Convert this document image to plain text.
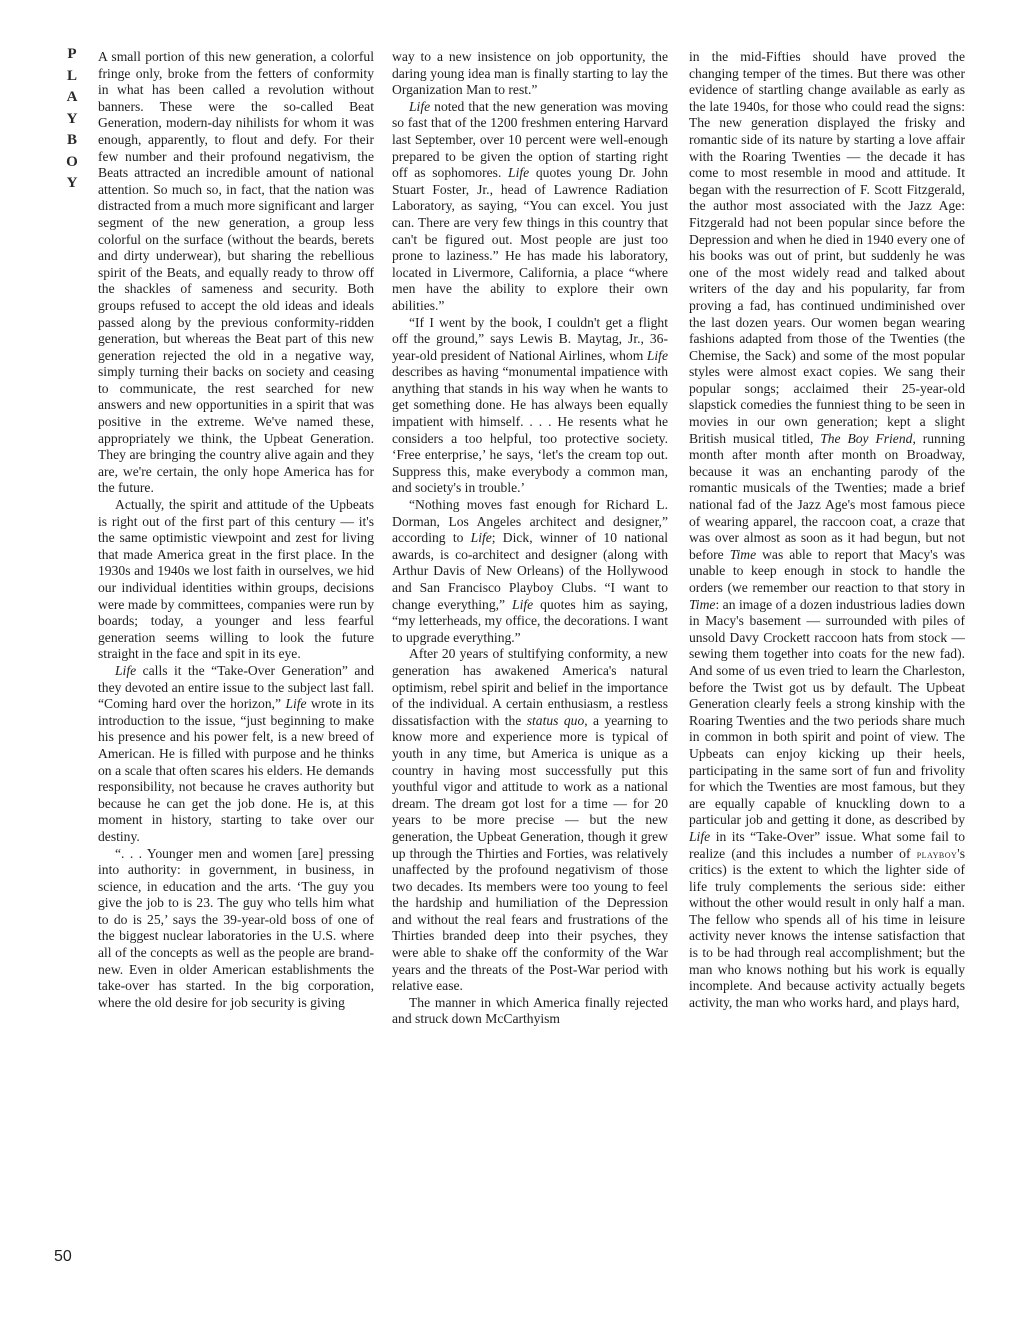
P
L
A
Y
B
O
Y

A small portion of this new generation, a colorful fringe only, broke from the fetters of conformity in what has been called a revolution without banners. These were the so-called Beat Generation, modern-day nihilists for whom it was enough, apparently, to flout and defy. For their few number and their profound negativism, the Beats attracted an incredible amount of national attention. So much so, in fact, that the nation was distracted from a much more significant and larger segment of the new generation, a group less colorful on the surface (without the beards, berets and dirty underwear), but sharing the rebellious spirit of the Beats, and equally ready to throw off the shackles of sameness and security. Both groups refused to accept the old ideas and ideals passed along by the previous conformity-ridden generation, but whereas the Beat part of this new generation rejected the old in a negative way, simply turning their backs on society and ceasing to communicate, the rest searched for new answers and new opportunities in a spirit that was positive in the extreme. We've named these, appropriately we think, the Upbeat Generation. They are bringing the country alive again and they are, we're certain, the only hope America has for the future.

Actually, the spirit and attitude of the Upbeats is right out of the first part of this century — it's the same optimistic viewpoint and zest for living that made America great in the first place. In the 1930s and 1940s we lost faith in ourselves, we hid our individual identities within groups, decisions were made by committees, companies were run by boards; today, a younger and less fearful generation seems willing to look the future straight in the face and spit in its eye.

Life calls it the “Take-Over Generation” and they devoted an entire issue to the subject last fall. “Coming hard over the horizon,” Life wrote in its introduction to the issue, “just beginning to make his presence and his power felt, is a new breed of American. He is filled with purpose and he thinks on a scale that often scares his elders. He demands responsibility, not because he craves authority but because he can get the job done. He is, at this moment in history, starting to take over our destiny.

“. . . Younger men and women [are] pressing into authority: in government, in business, in science, in education and the arts. ‘The guy you give the job to is 23. The guy who tells him what to do is 25,’ says the 39-year-old boss of one of the biggest nuclear laboratories in the U.S. where all of the concepts as well as the people are brand-new. Even in older American establishments the take-over has started. In the big corporation, where the old desire for job security is giving

way to a new insistence on job opportunity, the daring young idea man is finally starting to lay the Organization Man to rest.”

Life noted that the new generation was moving so fast that of the 1200 freshmen entering Harvard last September, over 10 percent were well-enough prepared to be given the option of starting right off as sophomores. Life quotes young Dr. John Stuart Foster, Jr., head of Lawrence Radiation Laboratory, as saying, “You can excel. You just can. There are very few things in this country that can't be figured out. Most people are just too prone to laziness.” He has made his laboratory, located in Livermore, California, a place “where men have the ability to explore their own abilities.”

“If I went by the book, I couldn't get a flight off the ground,” says Lewis B. Maytag, Jr., 36-year-old president of National Airlines, whom Life describes as having “monumental impatience with anything that stands in his way when he wants to get something done. He has always been equally impatient with himself. . . . He resents what he considers a too helpful, too protective society. ‘Free enterprise,’ he says, ‘let's the cream top out. Suppress this, make everybody a common man, and society's in trouble.’

“Nothing moves fast enough for Richard L. Dorman, Los Angeles architect and designer,” according to Life; Dick, winner of 10 national awards, is co-architect and designer (along with Arthur Davis of New Orleans) of the Hollywood and San Francisco Playboy Clubs. “I want to change everything,” Life quotes him as saying, “my letterheads, my office, the decorations. I want to upgrade everything.”

After 20 years of stultifying conformity, a new generation has awakened America's natural optimism, rebel spirit and belief in the importance of the individual. A certain enthusiasm, a restless dissatisfaction with the status quo, a yearning to know more and experience more is typical of youth in any time, but America is unique as a country in having most successfully put this youthful vigor and attitude to work as a national dream. The dream got lost for a time — for 20 years to be more precise — but the new generation, the Upbeat Generation, though it grew up through the Thirties and Forties, was relatively unaffected by the profound negativism of those two decades. Its members were too young to feel the hardship and humiliation of the Depression and without the real fears and frustrations of the Thirties branded deep into their psyches, they were able to shake off the conformity of the War years and the threats of the Post-War period with relative ease.

The manner in which America finally rejected and struck down McCarthyism

in the mid-Fifties should have proved the changing temper of the times. But there was other evidence of startling change available as early as the late 1940s, for those who could read the signs: The new generation displayed the frisky and romantic side of its nature by starting a love affair with the Roaring Twenties — the decade it has come to most resemble in mood and attitude. It began with the resurrection of F. Scott Fitzgerald, the author most associated with the Jazz Age: Fitzgerald had not been popular since before the Depression and when he died in 1940 every one of his books was out of print, but suddenly he was one of the most widely read and talked about writers of the day and his popularity, far from proving a fad, has continued undiminished over the last dozen years. Our women began wearing fashions adapted from those of the Twenties (the Chemise, the Sack) and some of the most popular styles were almost exact copies. We sang their popular songs; acclaimed their 25-year-old slapstick comedies the funniest thing to be seen in movies in our own generation; kept a slight British musical titled, The Boy Friend, running month after month after month on Broadway, because it was an enchanting parody of the romantic musicals of the Twenties; made a brief national fad of the Jazz Age's most famous piece of wearing apparel, the raccoon coat, a craze that was over almost as soon as it had begun, but not before Time was able to report that Macy's was unable to keep enough in stock to handle the orders (we remember our reaction to that story in Time: an image of a dozen industrious ladies down in Macy's basement — surrounded with piles of unsold Davy Crockett raccoon hats from stock — sewing them together into coats for the new fad). And some of us even tried to learn the Charleston, before the Twist got us by default. The Upbeat Generation clearly feels a strong kinship with the Roaring Twenties and the two periods share much in common in both spirit and point of view. The Upbeats can enjoy kicking up their heels, participating in the same sort of fun and frivolity for which the Twenties are most famous, but they are equally capable of knuckling down to a particular job and getting it done, as described by Life in its “Take-Over” issue. What some fail to realize (and this includes a number of playboy's critics) is the extent to which the lighter side of life truly complements the serious side: either without the other would result in only half a man. The fellow who spends all of his time in leisure activity never knows the intense satisfaction that is to be had through real accomplishment; but the man who knows nothing but his work is equally incomplete. And because activity actually begets activity, the man who works hard, and plays hard,

50
